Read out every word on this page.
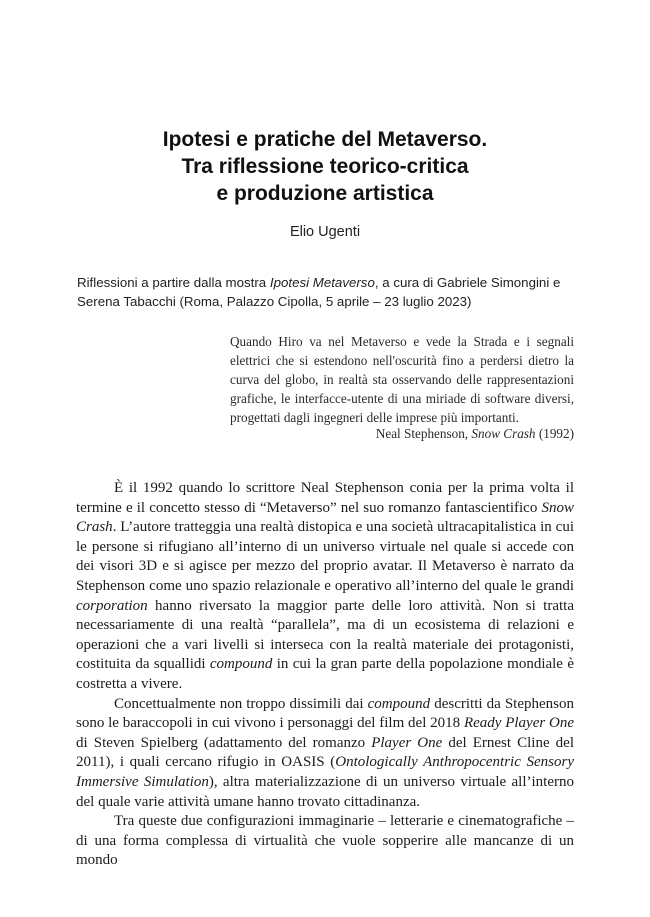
Ipotesi e pratiche del Metaverso.
Tra riflessione teorico-critica
e produzione artistica
Elio Ugenti
Riflessioni a partire dalla mostra Ipotesi Metaverso, a cura di Gabriele Simongini e Serena Tabacchi (Roma, Palazzo Cipolla, 5 aprile – 23 luglio 2023)
Quando Hiro va nel Metaverso e vede la Strada e i segnali elettrici che si estendono nell'oscurità fino a perdersi dietro la curva del globo, in realtà sta osservando delle rappresentazioni grafiche, le interfacce-utente di una miriade di software diversi, progettati dagli ingegneri delle imprese più importanti.
Neal Stephenson, Snow Crash (1992)

È il 1992 quando lo scrittore Neal Stephenson conia per la prima volta il termine e il concetto stesso di “Metaverso” nel suo romanzo fantascientifico Snow Crash. L’autore tratteggia una realtà distopica e una società ultracapitalistica in cui le persone si rifugiano all’interno di un universo virtuale nel quale si accede con dei visori 3D e si agisce per mezzo del proprio avatar. Il Metaverso è narrato da Stephenson come uno spazio relazionale e operativo all’interno del quale le grandi corporation hanno riversato la maggior parte delle loro attività. Non si tratta necessariamente di una realtà “parallela”, ma di un ecosistema di relazioni e operazioni che a vari livelli si interseca con la realtà materiale dei protagonisti, costituita da squallidi compound in cui la gran parte della popolazione mondiale è costretta a vivere.

Concettualmente non troppo dissimili dai compound descritti da Stephenson sono le baraccopoli in cui vivono i personaggi del film del 2018 Ready Player One di Steven Spielberg (adattamento del romanzo Player One del Ernest Cline del 2011), i quali cercano rifugio in OASIS (Ontologically Anthropocentric Sensory Immersive Simulation), altra materializzazione di un universo virtuale all’interno del quale varie attività umane hanno trovato cittadinanza.

Tra queste due configurazioni immaginarie – letterarie e cinematografiche – di una forma complessa di virtualità che vuole sopperire alle mancanze di un mondo
